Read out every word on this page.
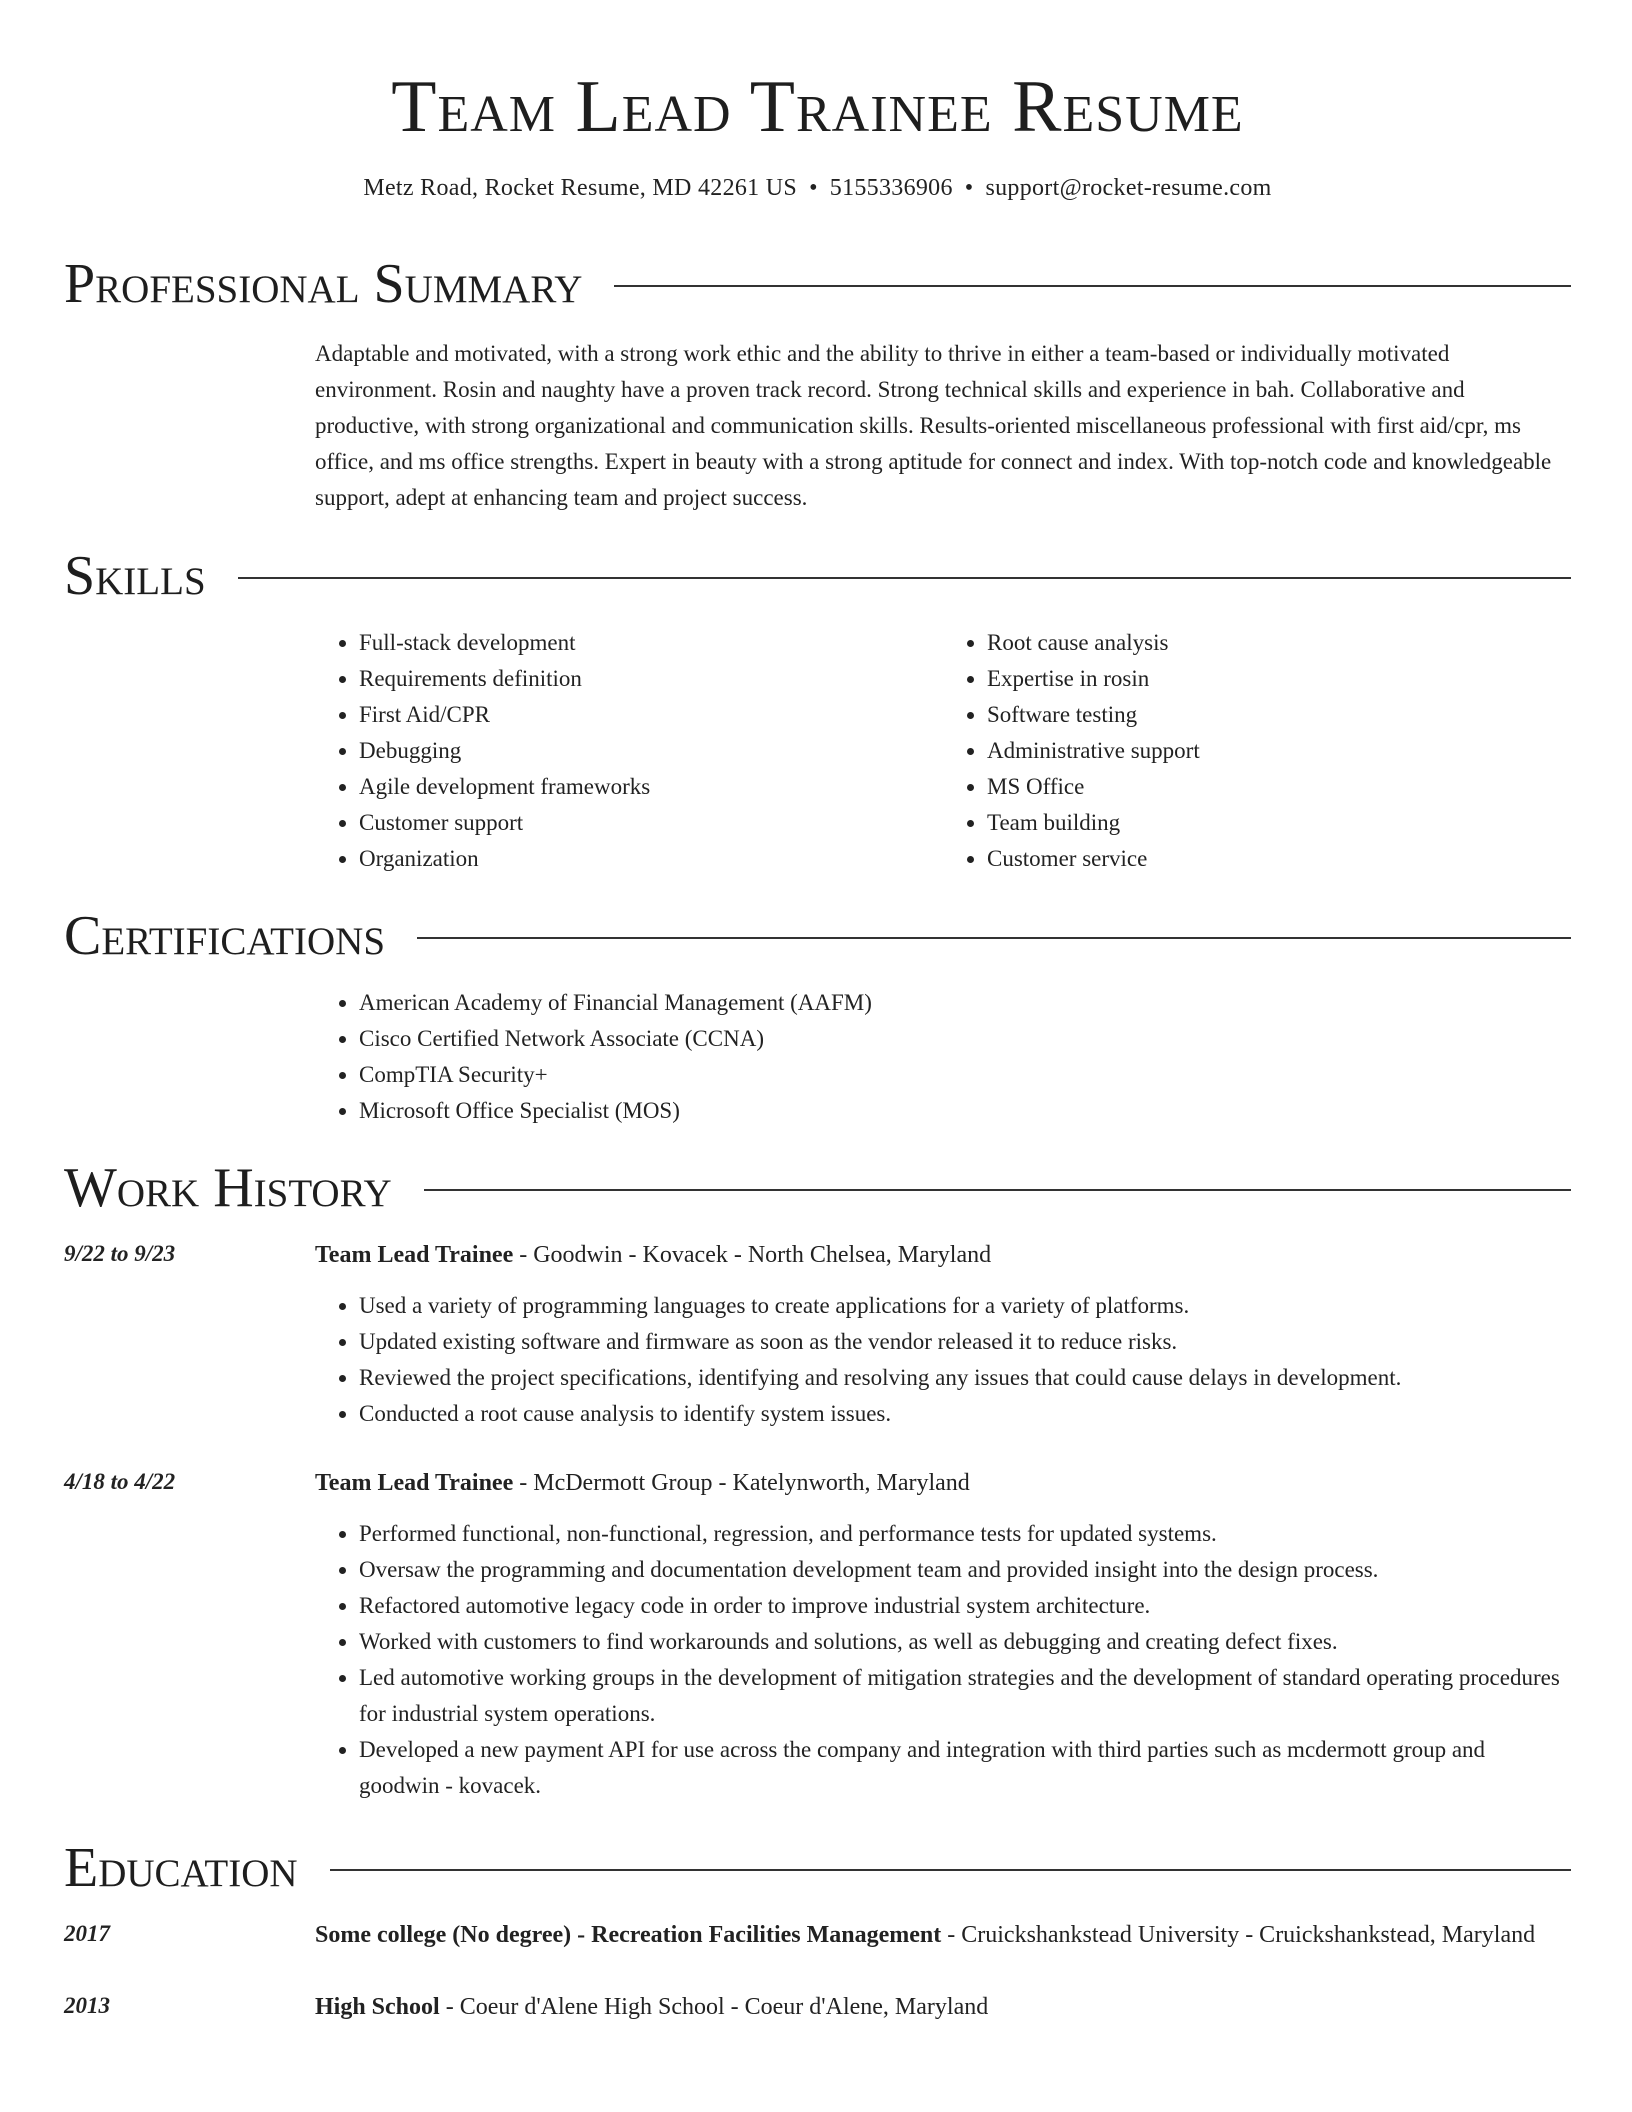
Team Lead Trainee Resume
Metz Road, Rocket Resume, MD 42261 US • 5155336906 • support@rocket-resume.com
Professional Summary

Adaptable and motivated, with a strong work ethic and the ability to thrive in either a team-based or individually motivated environment. Rosin and naughty have a proven track record. Strong technical skills and experience in bah. Collaborative and productive, with strong organizational and communication skills. Results-oriented miscellaneous professional with first aid/cpr, ms office, and ms office strengths. Expert in beauty with a strong aptitude for connect and index. With top-notch code and knowledgeable support, adept at enhancing team and project success.

Skills
• Full-stack development
• Requirements definition
• First Aid/CPR
• Debugging
• Agile development frameworks
• Customer support
• Organization
• Root cause analysis
• Expertise in rosin
• Software testing
• Administrative support
• MS Office
• Team building
• Customer service
Certifications
• American Academy of Financial Management (AAFM)
• Cisco Certified Network Associate (CCNA)
• CompTIA Security+
• Microsoft Office Specialist (MOS)
Work History
9/22 to 9/23	Team Lead Trainee - Goodwin - Kovacek - North Chelsea, Maryland
• Used a variety of programming languages to create applications for a variety of platforms.
• Updated existing software and firmware as soon as the vendor released it to reduce risks.
• Reviewed the project specifications, identifying and resolving any issues that could cause delays in development.
• Conducted a root cause analysis to identify system issues.
4/18 to 4/22	Team Lead Trainee - McDermott Group - Katelynworth, Maryland
• Performed functional, non-functional, regression, and performance tests for updated systems.
• Oversaw the programming and documentation development team and provided insight into the design process.
• Refactored automotive legacy code in order to improve industrial system architecture.
• Worked with customers to find workarounds and solutions, as well as debugging and creating defect fixes.
• Led automotive working groups in the development of mitigation strategies and the development of standard operating procedures for industrial system operations.
• Developed a new payment API for use across the company and integration with third parties such as mcdermott group and goodwin - kovacek.
Education
2017	Some college (No degree) - Recreation Facilities Management - Cruickshankstead University - Cruickshankstead, Maryland
2013	High School - Coeur d'Alene High School - Coeur d'Alene, Maryland
